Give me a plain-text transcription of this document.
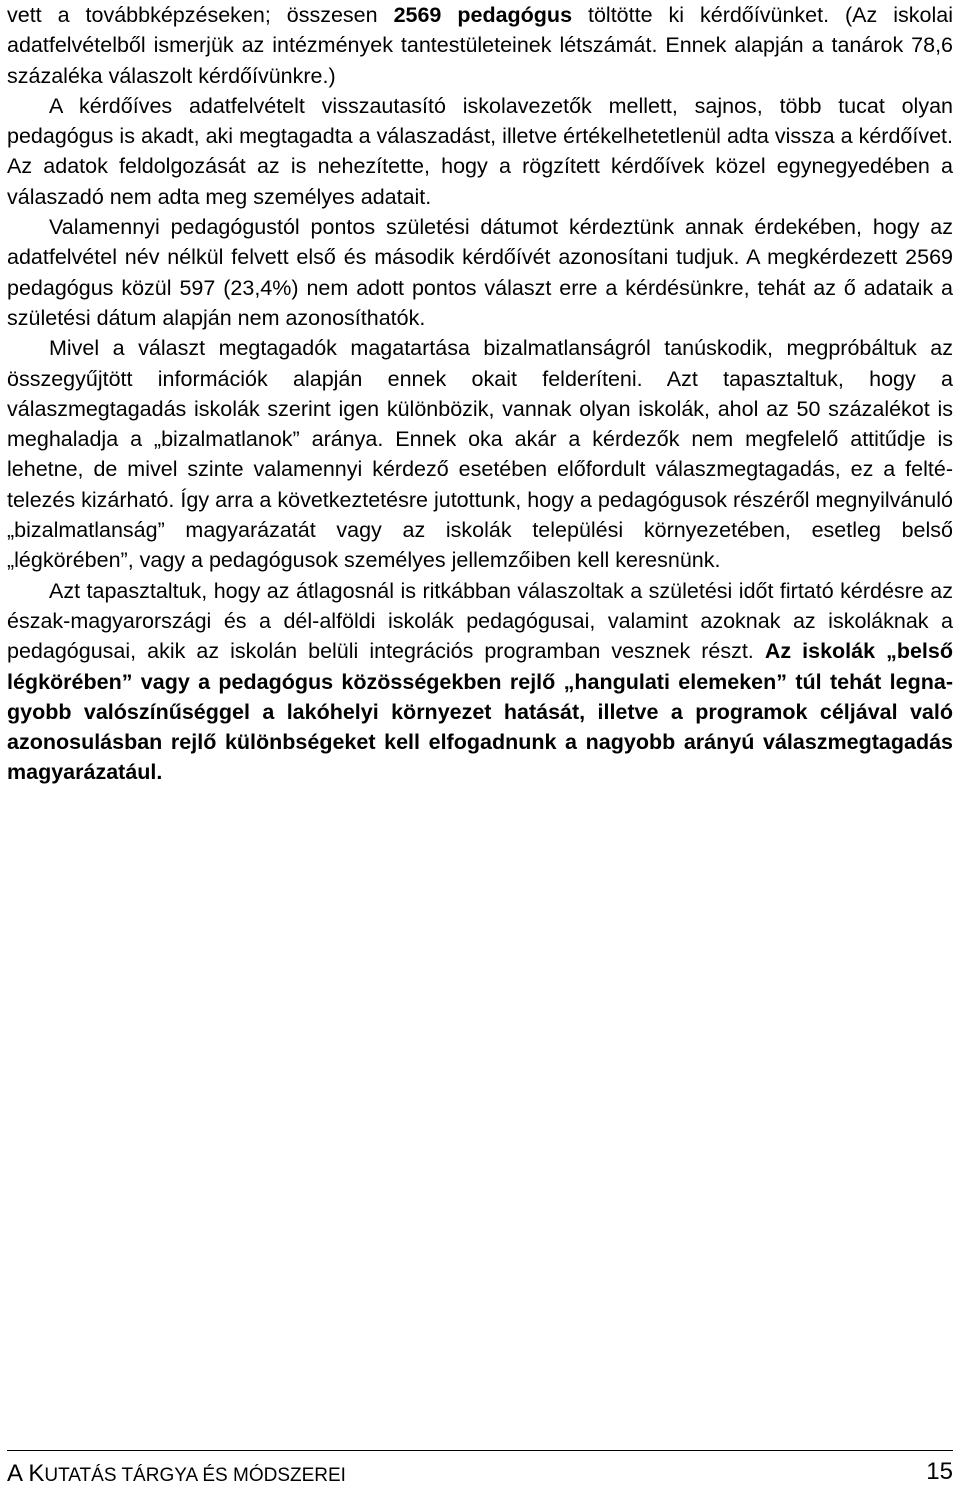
vett a továbbképzéseken; összesen 2569 pedagógus töltötte ki kérdőívünket. (Az iskolai adatfelvételből ismerjük az intézmények tantestületeinek létszámát. Ennek alapján a tanárok 78,6 százaléka válaszolt kérdőívünkre.)

A kérdőíves adatfelvételt visszautasító iskolavezetők mellett, sajnos, több tucat olyan pedagógus is akadt, aki megtagadta a válaszadást, illetve értékelhetetlenül adta vissza a kérdőívet. Az adatok feldolgozását az is nehezítette, hogy a rögzített kérdőívek közel egynegyedében a válaszadó nem adta meg személyes adatait.

Valamennyi pedagógustól pontos születési dátumot kérdeztünk annak érdekében, hogy az adatfelvétel név nélkül felvett első és második kérdőívét azonosítani tudjuk. A megkérdezett 2569 pedagógus közül 597 (23,4%) nem adott pontos választ erre a kérdésünkre, tehát az ő adataik a születési dátum alapján nem azonosíthatók.

Mivel a választ megtagadók magatartása bizalmatlanságról tanúskodik, megpróbáltuk az összegyűjtött információk alapján ennek okait felderíteni. Azt tapasztaltuk, hogy a válaszmegtagadás iskolák szerint igen különbözik, vannak olyan iskolák, ahol az 50 százalékot is meghaladja a „bizalmatlanok” aránya. Ennek oka akár a kérdezők nem megfelelő attitűdje is lehetne, de mivel szinte valamennyi kérdező esetében előfordult válaszmegtagadás, ez a feltételezés kizárható. Így arra a következtetésre jutottunk, hogy a pedagógusok részéről megnyilvánuló „bizalmatlanság” magyarázatát vagy az iskolák települési környezetében, esetleg belső „légkörében”, vagy a pedagógusok személyes jellemzőiben kell keresnünk.

Azt tapasztaltuk, hogy az átlagosnál is ritkábban válaszoltak a születési időt firtató kérdésre az észak-magyarországi és a dél-alföldi iskolák pedagógusai, valamint azoknak az iskoláknak a pedagógusai, akik az iskolán belüli integrációs programban vesznek részt. Az iskolák „belső légkörében” vagy a pedagógus közösségekben rejlő „hangulati elemeken” túl tehát legnagyobb valószínűséggel a lakóhelyi környezet hatását, illetve a programok céljával való azonosulásban rejlő különbségeket kell elfogadnunk a nagyobb arányú válaszmegtagadás magyarázatául.

A KUTATÁS TÁRGYA ÉS MÓDSZEREI	15
